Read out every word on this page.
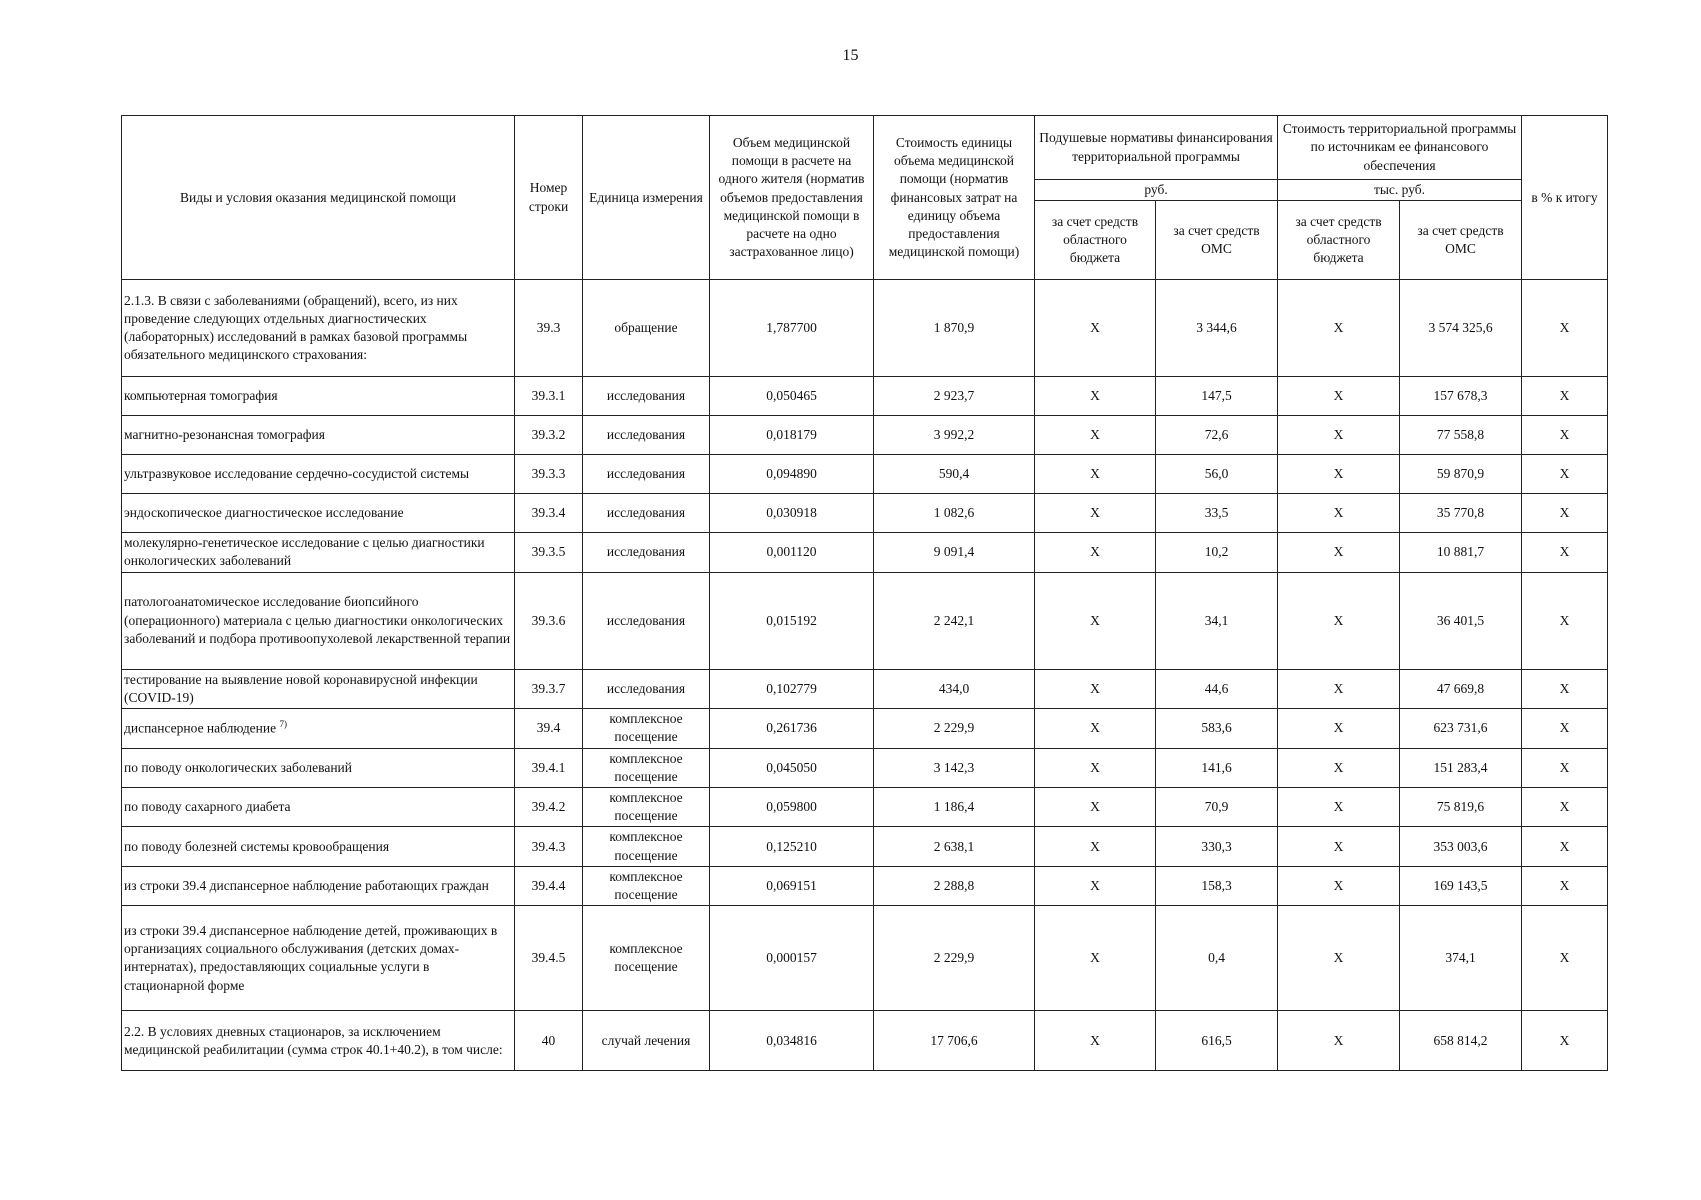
15
Виды и условия оказания медицинской помощи	Номер строки	Единица измерения	Объем медицинской помощи в расчете на одного жителя (норматив объемов предоставления медицинской помощи в расчете на одно застрахованное лицо)	Стоимость единицы объема медицинской помощи (норматив финансовых затрат на единицу объема предоставления медицинской помощи)	Подушевые нормативы финансирования территориальной программы		Стоимость территориальной программы по источникам ее финансового обеспечения		в % к итогу
					руб.		тыс. руб.		
					за счет средств областного бюджета	за счет средств ОМС	за счет средств областного бюджета	за счет средств ОМС	
2.1.3. В связи с заболеваниями (обращений), всего, из них проведение следующих отдельных диагностических (лабораторных) исследований в рамках базовой программы обязательного медицинского страхования:	39.3	обращение	1,787700	1 870,9	X	3 344,6	X	3 574 325,6	X
компьютерная томография	39.3.1	исследования	0,050465	2 923,7	X	147,5	X	157 678,3	X
магнитно-резонансная томография	39.3.2	исследования	0,018179	3 992,2	X	72,6	X	77 558,8	X
ультразвуковое исследование сердечно-сосудистой системы	39.3.3	исследования	0,094890	590,4	X	56,0	X	59 870,9	X
эндоскопическое диагностическое исследование	39.3.4	исследования	0,030918	1 082,6	X	33,5	X	35 770,8	X
молекулярно-генетическое исследование с целью диагностики онкологических заболеваний	39.3.5	исследования	0,001120	9 091,4	X	10,2	X	10 881,7	X
патологоанатомическое исследование биопсийного (операционного) материала с целью диагностики онкологических заболеваний и подбора противоопухолевой лекарственной терапии	39.3.6	исследования	0,015192	2 242,1	X	34,1	X	36 401,5	X
тестирование на выявление новой коронавирусной инфекции (COVID-19)	39.3.7	исследования	0,102779	434,0	X	44,6	X	47 669,8	X
диспансерное наблюдение $^{7)}$	39.4	комплексное посещение	0,261736	2 229,9	X	583,6	X	623 731,6	X
по поводу онкологических заболеваний	39.4.1	комплексное посещение	0,045050	3 142,3	X	141,6	X	151 283,4	X
по поводу сахарного диабета	39.4.2	комплексное посещение	0,059800	1 186,4	X	70,9	X	75 819,6	X
по поводу болезней системы кровообращения	39.4.3	комплексное посещение	0,125210	2 638,1	X	330,3	X	353 003,6	X
из строки 39.4 диспансерное наблюдение работающих граждан	39.4.4	комплексное посещение	0,069151	2 288,8	X	158,3	X	169 143,5	X
из строки 39.4 диспансерное наблюдение детей, проживающих в организациях социального обслуживания (детских домах-интернатах), предоставляющих социальные услуги в стационарной форме	39.4.5	комплексное посещение	0,000157	2 229,9	X	0,4	X	374,1	X
2.2. В условиях дневных стационаров, за исключением медицинской реабилитации (сумма строк 40.1+40.2), в том числе:	40	случай лечения	0,034816	17 706,6	X	616,5	X	658 814,2	X
